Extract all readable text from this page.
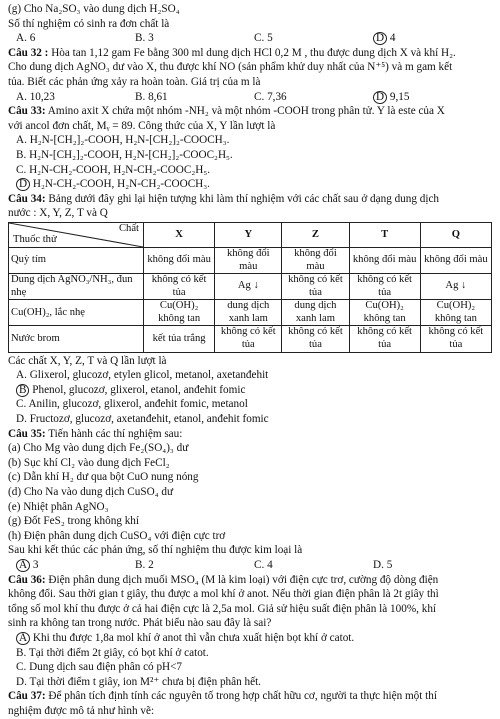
(g) Cho Na₂SO₃ vào dung dịch H₂SO₄
Số thí nghiệm có sinh ra đơn chất là
A. 6	B. 3	C. 5	D 4
Câu 32 : Hòa tan 1,12 gam Fe bằng 300 ml dung dịch HCl 0,2 M , thu được dung dịch X và khí H₂.
Cho dung dịch AgNO₃ dư vào X, thu được khí NO (sản phẩm khử duy nhất của N⁺⁵) và m gam kết
tủa. Biết các phản ứng xảy ra hoàn toàn. Giá trị của m là
A. 10,23	B. 8,61	C. 7,36	D 9,15
Câu 33: Amino axit X chứa một nhóm -NH₂ và một nhóm -COOH trong phân tử. Y là este của X
với ancol đơn chất, Mᵧ = 89. Công thức của X, Y lần lượt là
A. H₂N-[CH₂]₂-COOH, H₂N-[CH₂]₂-COOCH₃.
B. H₂N-[CH₂]₂-COOH, H₂N-[CH₂]₂-COOC₂H₅.
C. H₂N-CH₂-COOH, H₂N-CH₂-COOC₂H₅.
D H₂N-CH₂-COOH, H₂N-CH₂-COOCH₃.
Câu 34: Bảng dưới đây ghi lại hiện tượng khi làm thí nghiệm với các chất sau ở dạng dung dịch
nước : X, Y, Z, T và Q
Chất
Thuốc thử	X	Y	Z	T	Q
Quỳ tím	không đổi màu	không đổi màu	không đổi màu	không đổi màu	không đổi màu
Dung dịch AgNO₃/NH₃, đun nhẹ	không có kết tủa	Ag ↓	không có kết tủa	không có kết tủa	Ag ↓
Cu(OH)₂, lắc nhẹ	Cu(OH)₂ không tan	dung dịch xanh lam	dung dịch xanh lam	Cu(OH)₂ không tan	Cu(OH)₂ không tan
Nước brom	kết tủa trắng	không có kết tủa	không có kết tủa	không có kết tủa	không có kết tủa
Các chất X, Y, Z, T và Q lần lượt là
A. Glixerol, glucozơ, etylen glicol, metanol, axetanđehit
B Phenol, glucozơ, glixerol, etanol, anđehit fomic
C. Anilin, glucozơ, glixerol, anđehit fomic, metanol
D. Fructozơ, glucozơ, axetanđehit, etanol, anđehit fomic
Câu 35: Tiến hành các thí nghiệm sau:
(a) Cho Mg vào dung dịch Fe₂(SO₄)₃ dư
(b) Sục khí Cl₂ vào dung dịch FeCl₂
(c) Dẫn khí H₂ dư qua bột CuO nung nóng
(d) Cho Na vào dung dịch CuSO₄ dư
(e) Nhiệt phân AgNO₃
(g) Đốt FeS₂ trong không khí
(h) Điện phân dung dịch CuSO₄ với điện cực trơ
Sau khi kết thúc các phản ứng, số thí nghiệm thu được kim loại là
A 3	B. 2	C. 4	D. 5
Câu 36: Điện phân dung dịch muối MSO₄ (M là kim loại) với điện cực trơ, cường độ dòng điện
không đổi. Sau thời gian t giây, thu được a mol khí ở anot. Nếu thời gian điện phân là 2t giây thì
tổng số mol khí thu được ở cả hai điện cực là 2,5a mol. Giả sử hiệu suất điện phân là 100%, khí
sinh ra không tan trong nước. Phát biểu nào sau đây là sai?
A Khi thu được 1,8a mol khí ở anot thì vẫn chưa xuất hiện bọt khí ở catot.
B. Tại thời điểm 2t giây, có bọt khí ở catot.
C. Dung dịch sau điện phân có pH<7
D. Tại thời điểm t giây, ion M²⁺ chưa bị điện phân hết.
Câu 37: Để phân tích định tính các nguyên tố trong hợp chất hữu cơ, người ta thực hiện một thí
nghiệm được mô tả như hình vẽ:
